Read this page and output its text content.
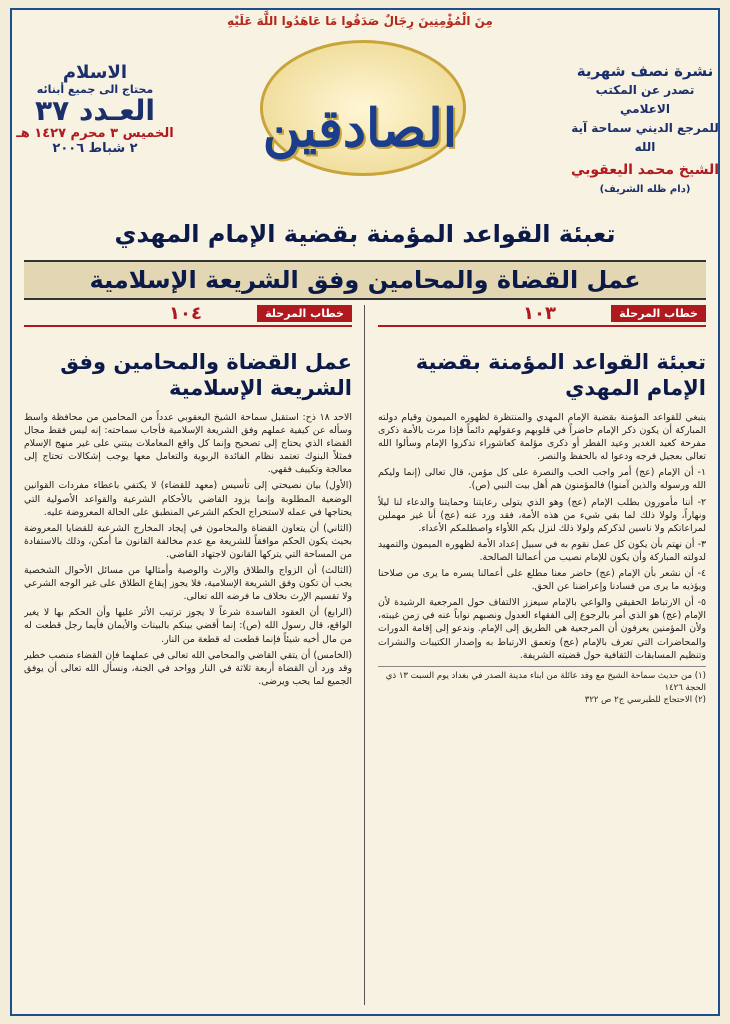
نشرة نصف شهرية
تصدر عن المكتب الاعلامي
للمرجع الديني سماحة آية الله
الشيخ محمد اليعقوبي
(دام ظله الشريف)
مِنَ الْمُؤْمِنِينَ رِجَالٌ صَدَقُوا مَا عَاهَدُوا اللَّهَ عَلَيْهِ
الصادقين
الاسلام
محتاج الى جميع أبنائه
العـدد ٣٧
الخميس ٣ محرم ١٤٢٧ هـ
٢ شباط ٢٠٠٦
تعبئة القواعد المؤمنة بقضية الإمام المهدي
عمل القضاة والمحامين وفق الشريعة الإسلامية
خطاب المرحلة
١٠٣
تعبئة القواعد المؤمنة بقضية الإمام المهدي

ينبغي للقواعد المؤمنة بقضية الإمام المهدي والمنتظرة لظهوره الميمون وقيام دولته المباركة أن يكون ذكر الإمام حاضراً في قلوبهم وعقولهم دائماً فإذا مرت بالأمة ذكرى مفرحة كعيد الغدير وعيد الفطر أو ذكرى مؤلمة كعاشوراء تذكروا الإمام وسألوا الله تعالى بعجيل فرجه ودعوا له بالحفظ والنصر.

١- أن الإمام (عج) أمر واجب الحب والنصرة على كل مؤمن، قال تعالى (إنما وليكم الله ورسوله والذين آمنوا) فالمؤمنون هم أهل بيت النبي (ص).

٢- أننا مأمورون بطلب الإمام (عج) وهو الذي يتولى رعايتنا وحمايتنا والدعاء لنا ليلاً ونهاراً، ولولا ذلك لما بقي شيء من هذه الأمة، فقد ورد عنه (عج) أنا غير مهملين لمراعاتكم ولا ناسين لذكركم ولولا ذلك لنزل بكم اللأواء واصطلمكم الأعداء.

٣- أن نهتم بأن يكون كل عمل نقوم به في سبيل إعداد الأمة لظهوره الميمون والتمهيد لدولته المباركة وأن يكون للإمام نصيب من أعمالنا الصالحة.

٤- أن نشعر بأن الإمام (عج) حاضر معنا مطلع على أعمالنا يسره ما يرى من صلاحنا ويؤذيه ما يرى من فسادنا وإعراضنا عن الحق.

٥- أن الارتباط الحقيقي والواعي بالإمام سيعزز الالتفاف حول المرجعية الرشيدة لأن الإمام (عج) هو الذي أمر بالرجوع إلى الفقهاء العدول ونصبهم نواباً عنه في زمن غيبته، ولأن المؤمنين يعرفون أن المرجعية هي الطريق إلى الإمام. وندعو إلى إقامة الدورات والمحاضرات التي تعرف بالإمام (عج) وتعمق الارتباط به وإصدار الكتيبات والنشرات وتنظيم المسابقات الثقافية حول قضيته الشريفة.

(١) من حديث سماحة الشيخ مع وفد عائلة من ابناء مدينة الصدر في بغداد يوم السبت ١٣ ذي الحجة ١٤٢٦
(٢) الاحتجاج للطبرسي ج٢ ص ٣٢٢
خطاب المرحلة
١٠٤
عمل القضاة والمحامين وفق الشريعة الإسلامية

الاحد ١٨ ذح: استقبل سماحة الشيخ اليعقوبي عدداً من المحامين من محافظة واسط وسأله عن كيفية عملهم وفق الشريعة الإسلامية فأجاب سماحته: إنه ليس فقط مجال القضاء الذي يحتاج إلى تصحيح وإنما كل واقع المعاملات يبتني على غير منهج الإسلام فمثلاً البنوك تعتمد نظام الفائدة الربوية والتعامل معها يوجب إشكالات تحتاج إلى معالجة وتكييف فقهي.

(الأول) بيان نصيحتي إلى تأسيس (معهد للقضاء) لا يكتفي باعطاء مفردات القوانين الوضعية المطلوبة وإنما يزود القاضي بالأحكام الشرعية والقواعد الأصولية التي يحتاجها في عمله لاستخراج الحكم الشرعي المنطبق على الحالة المعروضة عليه.

(الثاني) أن يتعاون القضاة والمحامون في إيجاد المخارج الشرعية للقضايا المعروضة بحيث يكون الحكم موافقاً للشريعة مع عدم مخالفة القانون ما أمكن، وذلك بالاستفادة من المساحة التي يتركها القانون لاجتهاد القاضي.

(الثالث) أن الزواج والطلاق والإرث والوصية وأمثالها من مسائل الأحوال الشخصية يجب أن تكون وفق الشريعة الإسلامية، فلا يجوز إيقاع الطلاق على غير الوجه الشرعي ولا تقسيم الإرث بخلاف ما فرضه الله تعالى.

(الرابع) أن العقود الفاسدة شرعاً لا يجوز ترتيب الأثر عليها وأن الحكم بها لا يغير الواقع، قال رسول الله (ص): إنما أقضي بينكم بالبينات والأيمان فأيما رجل قطعت له من مال أخيه شيئاً فإنما قطعت له قطعة من النار.

(الخامس) أن يتقي القاضي والمحامي الله تعالى في عملهما فإن القضاء منصب خطير وقد ورد أن القضاة أربعة ثلاثة في النار وواحد في الجنة، ونسأل الله تعالى أن يوفق الجميع لما يحب ويرضى.
